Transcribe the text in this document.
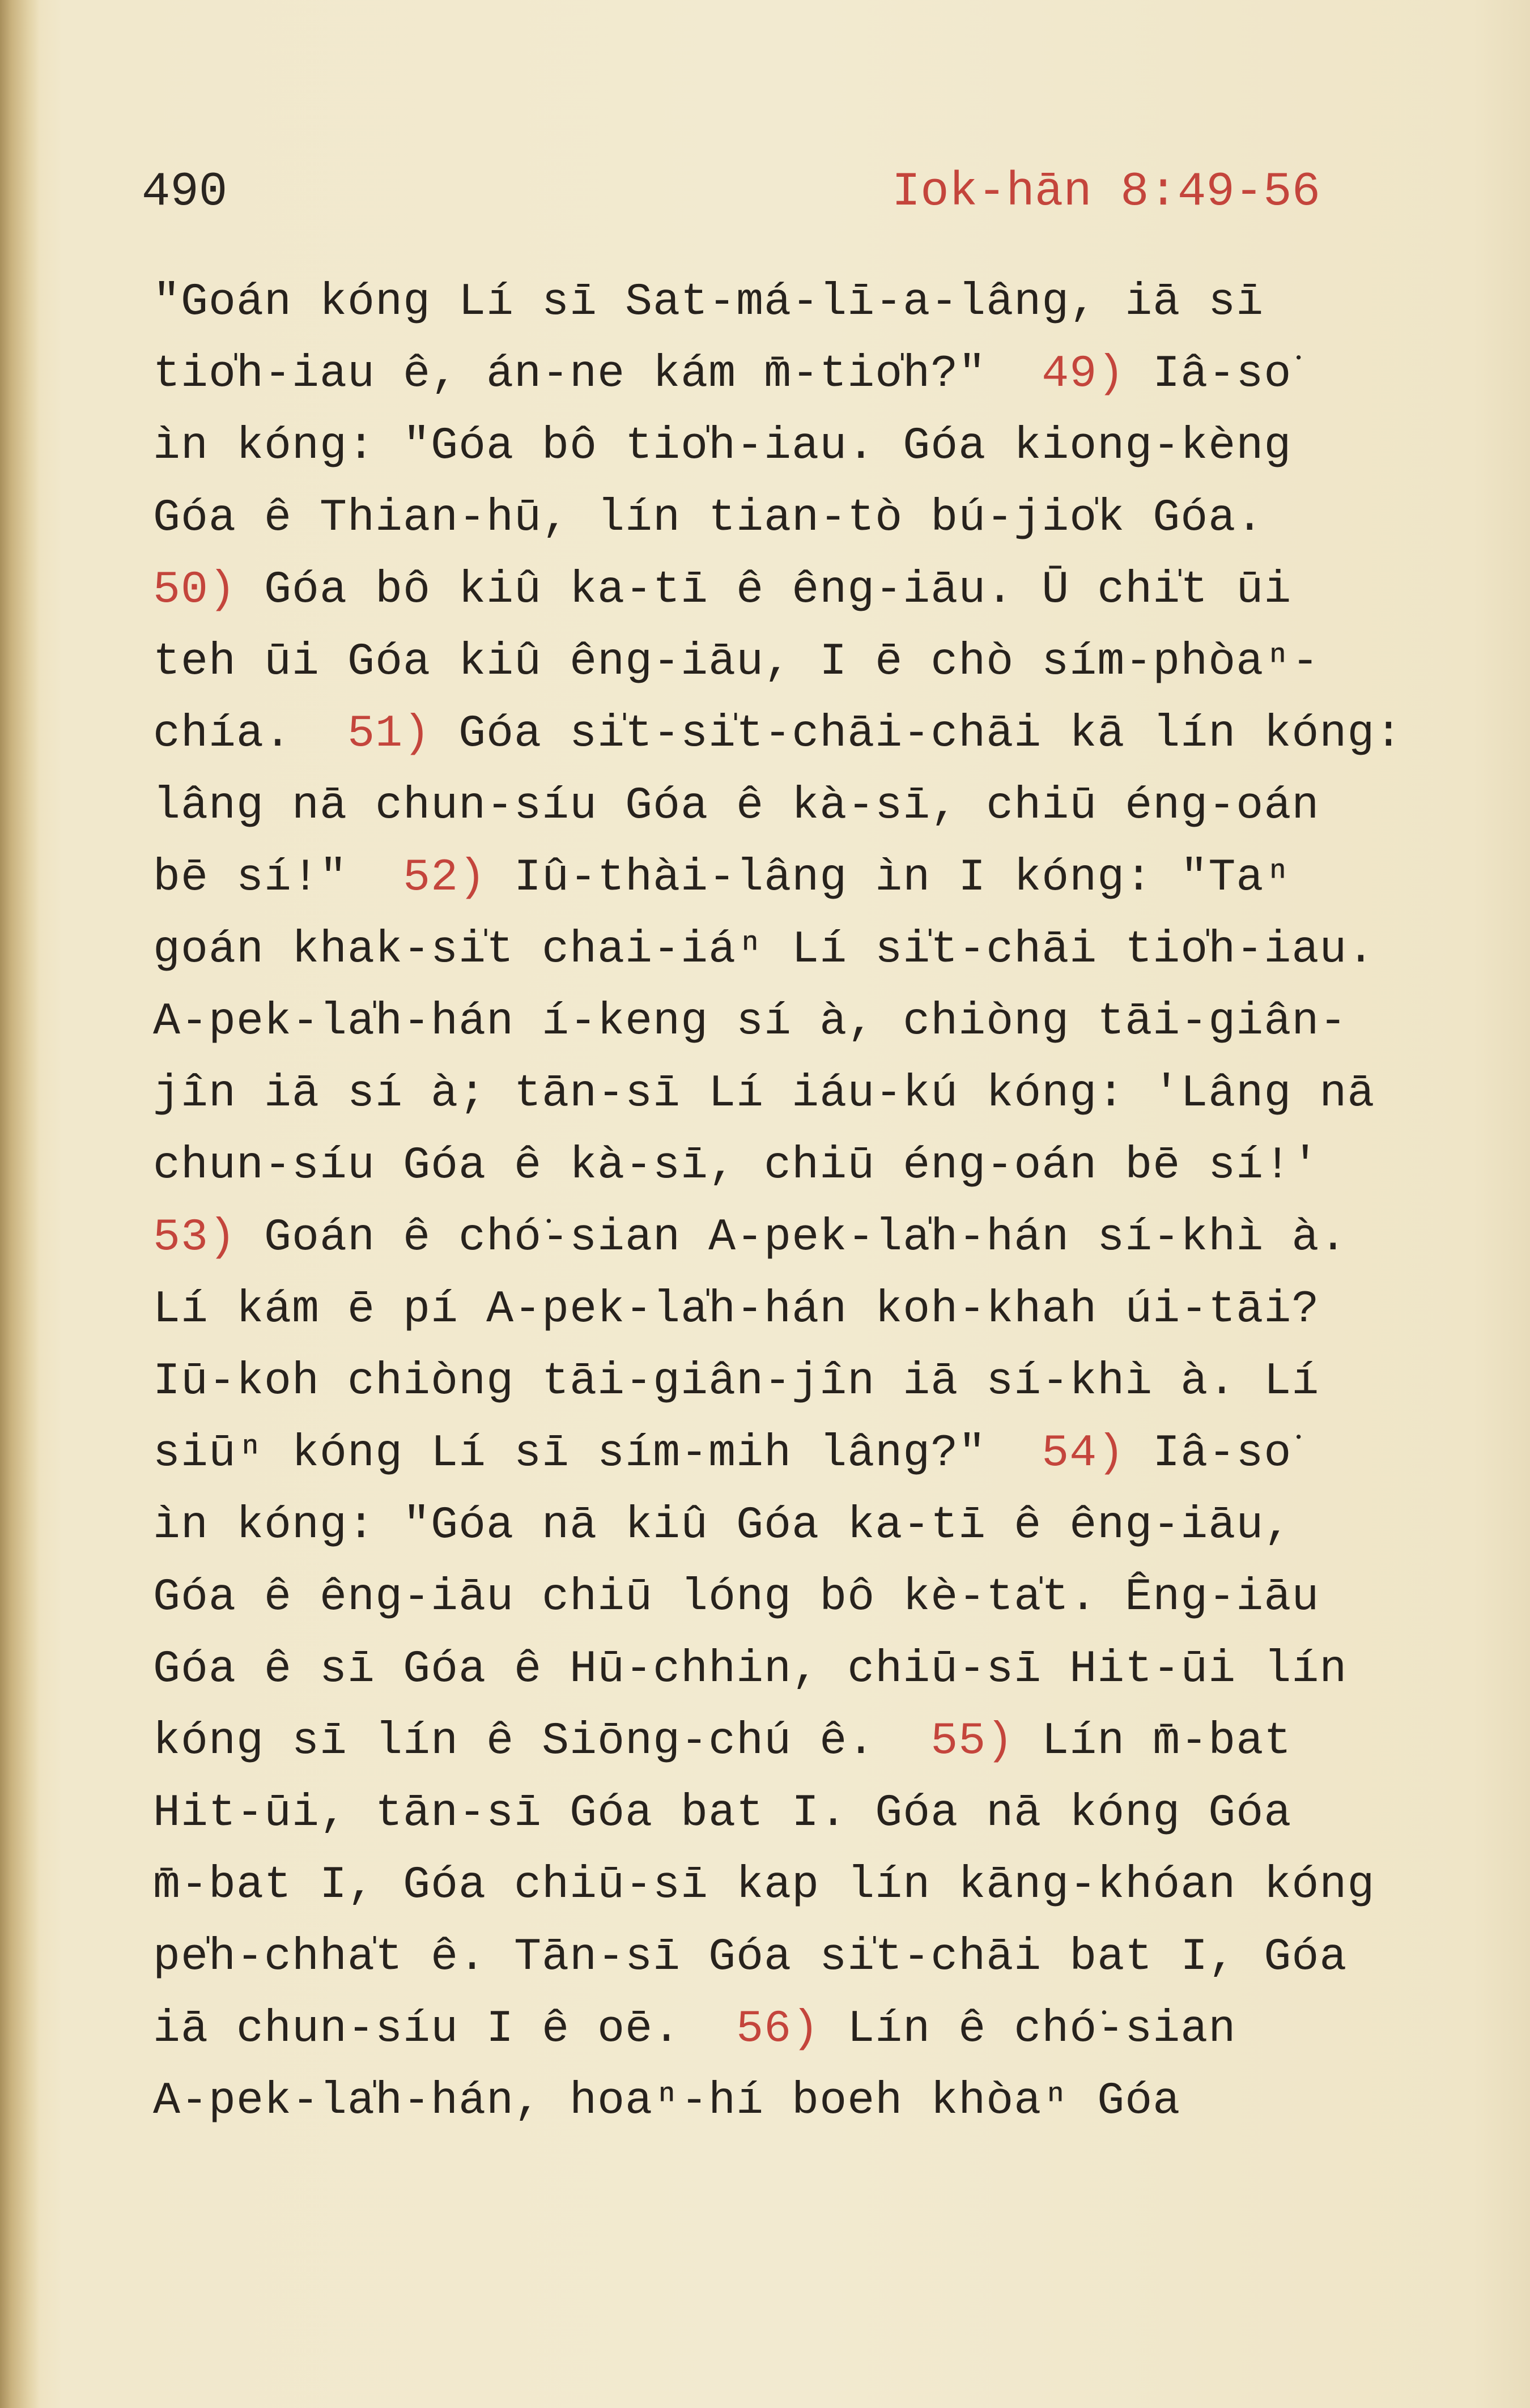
490	Iok-hān 8:49-56
"Goán kóng Lí sī Sat-má-lī-a-lâng, iā sī
tio̍h-iau ê, án-ne kám m̄-tio̍h?"  49) Iâ-so͘
ìn kóng: "Góa bô tio̍h-iau. Góa kiong-kèng
Góa ê Thian-hū, lín tian-tò bú-jio̍k Góa.
50) Góa bô kiû ka-tī ê êng-iāu. Ū chi̍t ūi
teh ūi Góa kiû êng-iāu, I ē chò sím-phòaⁿ-
chía.  51) Góa si̍t-si̍t-chāi-chāi kā lín kóng:
lâng nā chun-síu Góa ê kà-sī, chiū éng-oán
bē sí!"  52) Iû-thài-lâng ìn I kóng: "Taⁿ
goán khak-si̍t chai-iáⁿ Lí si̍t-chāi tio̍h-iau.
A-pek-la̍h-hán í-keng sí à, chiòng tāi-giân-
jîn iā sí à; tān-sī Lí iáu-kú kóng: 'Lâng nā
chun-síu Góa ê kà-sī, chiū éng-oán bē sí!'
53) Goán ê chó͘-sian A-pek-la̍h-hán sí-khì à.
Lí kám ē pí A-pek-la̍h-hán koh-khah úi-tāi?
Iū-koh chiòng tāi-giân-jîn iā sí-khì à. Lí
siūⁿ kóng Lí sī sím-mih lâng?"  54) Iâ-so͘
ìn kóng: "Góa nā kiû Góa ka-tī ê êng-iāu,
Góa ê êng-iāu chiū lóng bô kè-ta̍t. Êng-iāu
Góa ê sī Góa ê Hū-chhin, chiū-sī Hit-ūi lín
kóng sī lín ê Siōng-chú ê.  55) Lín m̄-bat
Hit-ūi, tān-sī Góa bat I. Góa nā kóng Góa
m̄-bat I, Góa chiū-sī kap lín kāng-khóan kóng
pe̍h-chha̍t ê. Tān-sī Góa si̍t-chāi bat I, Góa
iā chun-síu I ê oē.  56) Lín ê chó͘-sian
A-pek-la̍h-hán, hoaⁿ-hí boeh khòaⁿ Góa
